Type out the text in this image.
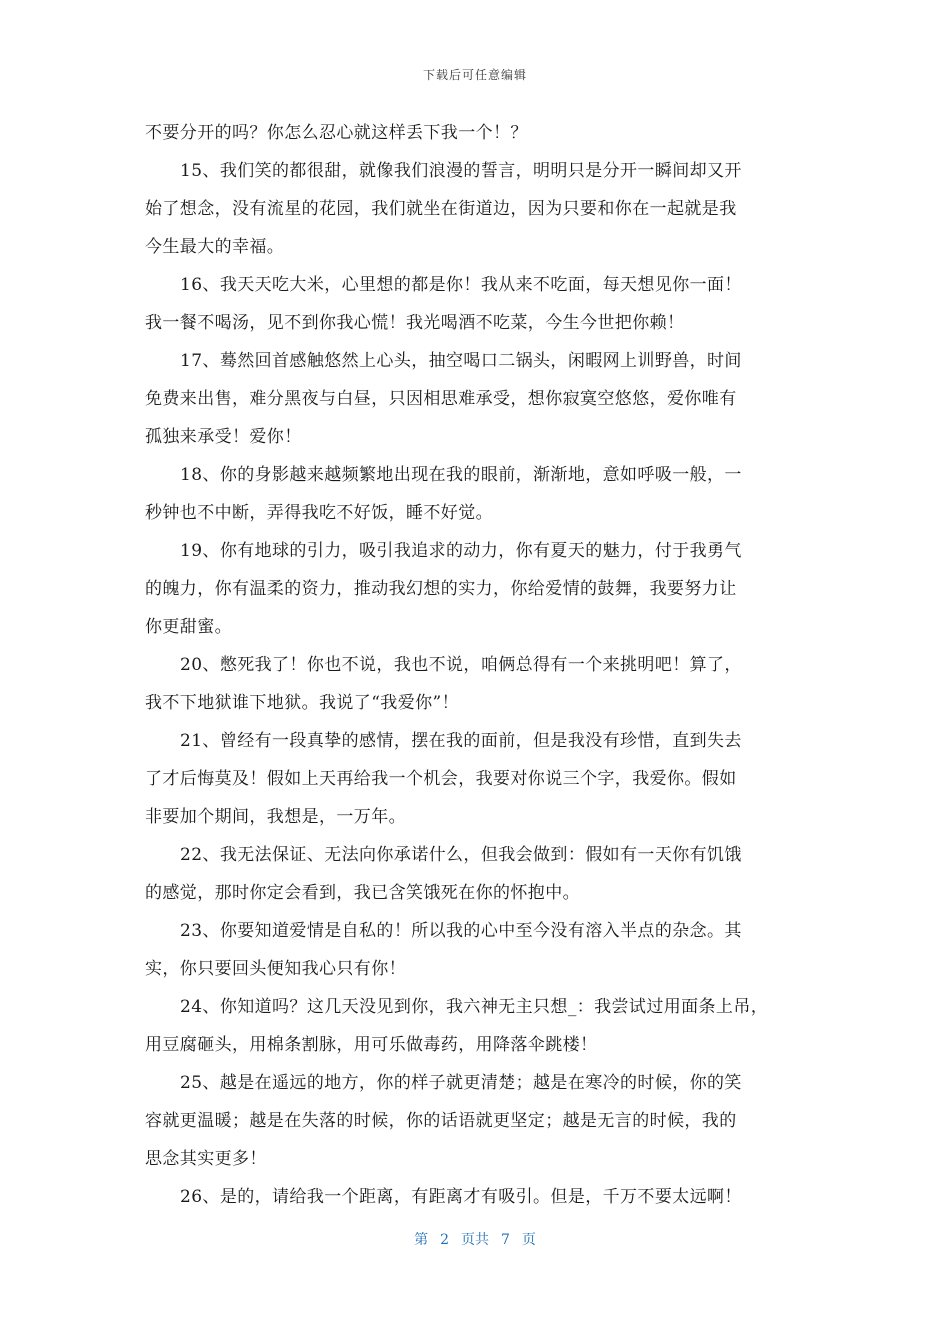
下载后可任意编辑
不要分开的吗？你怎么忍心就这样丢下我一个！？
15、我们笑的都很甜，就像我们浪漫的誓言，明明只是分开一瞬间却又开
始了想念，没有流星的花园，我们就坐在街道边，因为只要和你在一起就是我
今生最大的幸福。
16、我天天吃大米，心里想的都是你！我从来不吃面，每天想见你一面！
我一餐不喝汤，见不到你我心慌！我光喝酒不吃菜，今生今世把你赖！
17、蓦然回首感触悠然上心头，抽空喝口二锅头，闲暇网上训野兽，时间
免费来出售，难分黑夜与白昼，只因相思难承受，想你寂寞空悠悠，爱你唯有
孤独来承受！爱你！
18、你的身影越来越频繁地出现在我的眼前，渐渐地，意如呼吸一般，一
秒钟也不中断，弄得我吃不好饭，睡不好觉。
19、你有地球的引力，吸引我追求的动力，你有夏天的魅力，付于我勇气
的魄力，你有温柔的资力，推动我幻想的实力，你给爱情的鼓舞，我要努力让
你更甜蜜。
20、憋死我了！你也不说，我也不说，咱俩总得有一个来挑明吧！算了，
我不下地狱谁下地狱。我说了“我爱你”！
21、曾经有一段真挚的感情，摆在我的面前，但是我没有珍惜，直到失去
了才后悔莫及！假如上天再给我一个机会，我要对你说三个字，我爱你。假如
非要加个期间，我想是，一万年。
22、我无法保证、无法向你承诺什么，但我会做到：假如有一天你有饥饿
的感觉，那时你定会看到，我已含笑饿死在你的怀抱中。
23、你要知道爱情是自私的！所以我的心中至今没有溶入半点的杂念。其
实，你只要回头便知我心只有你！
24、你知道吗？这几天没见到你，我六神无主只想_：我尝试过用面条上吊，
用豆腐砸头，用棉条割脉，用可乐做毒药，用降落伞跳楼！
25、越是在遥远的地方，你的样子就更清楚；越是在寒冷的时候，你的笑
容就更温暖；越是在失落的时候，你的话语就更坚定；越是无言的时候，我的
思念其实更多！
26、是的，请给我一个距离，有距离才有吸引。但是，千万不要太远啊！
第 2 页共 7 页
